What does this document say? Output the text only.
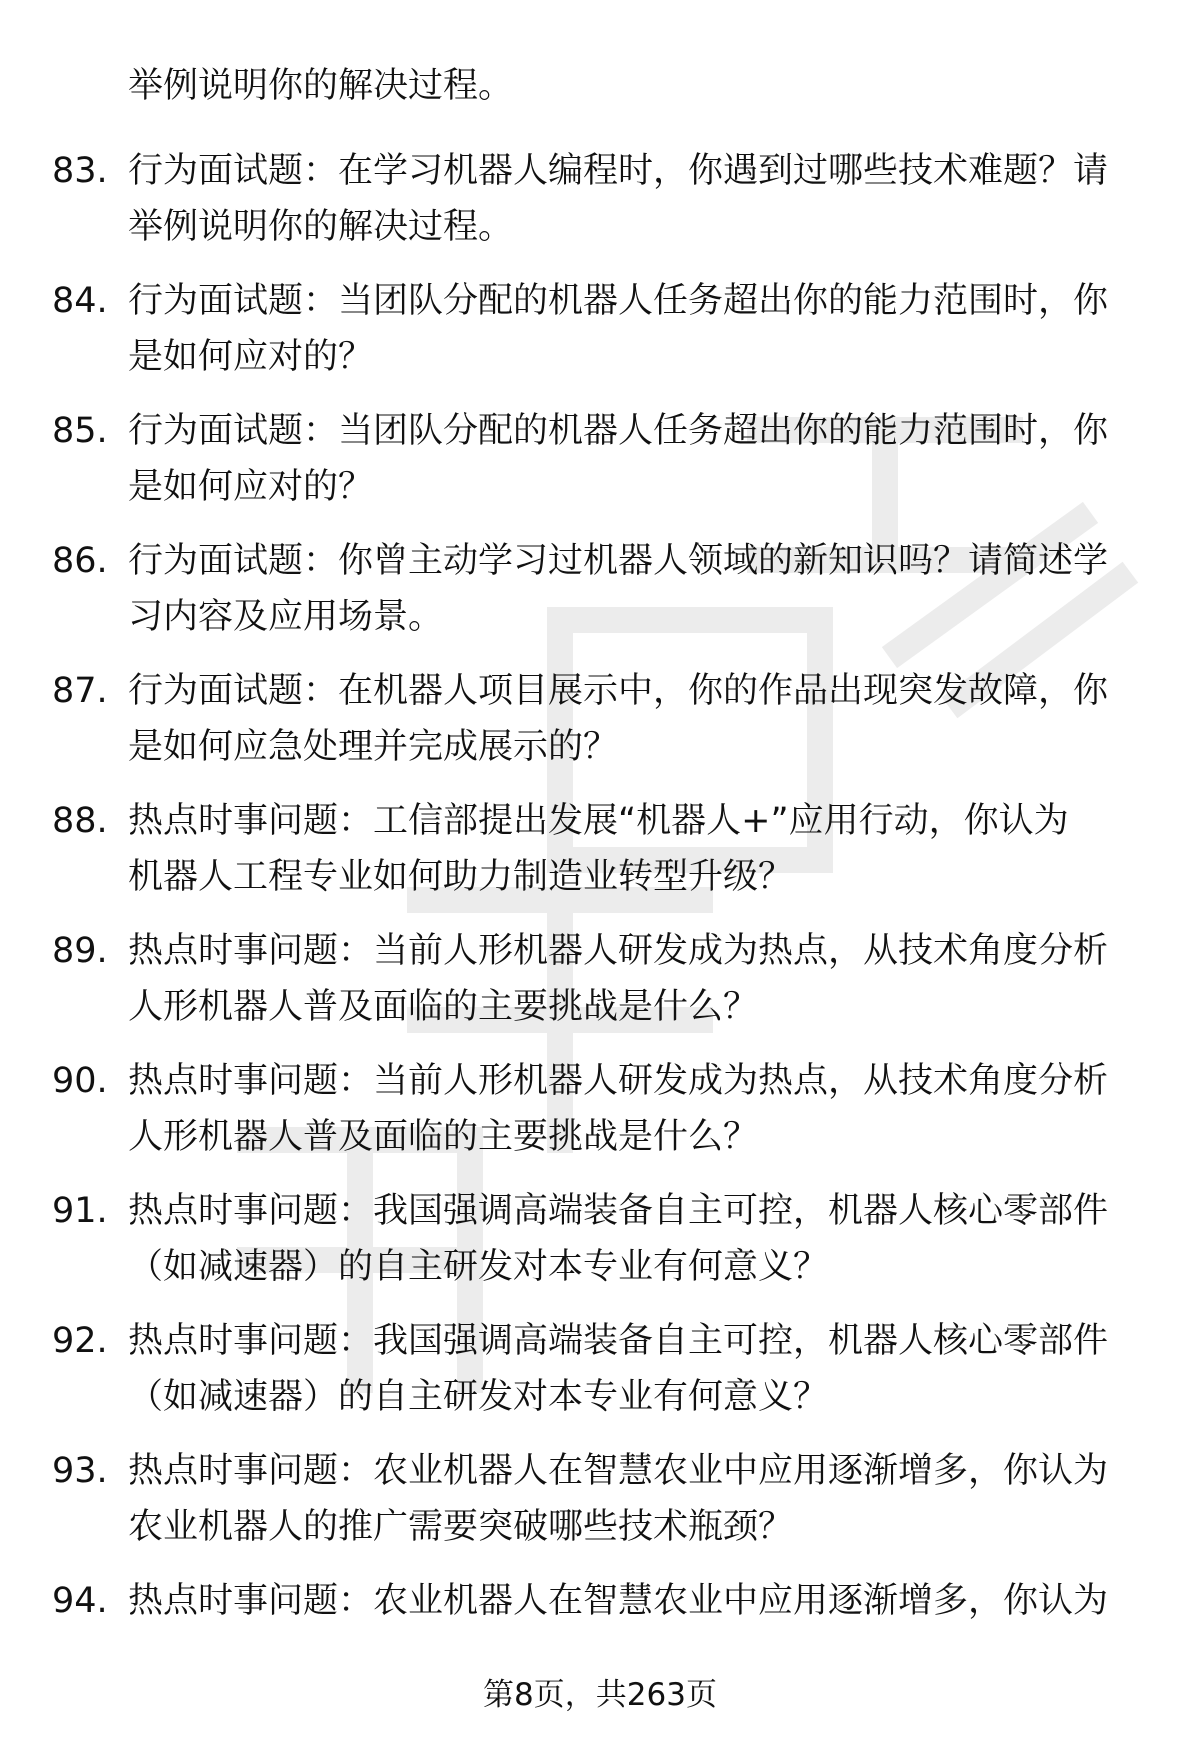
举例说明你的解决过程。
83. 行为面试题：在学习机器人编程时，你遇到过哪些技术难题？请
举例说明你的解决过程。
84. 行为面试题：当团队分配的机器人任务超出你的能力范围时，你
是如何应对的？
85. 行为面试题：当团队分配的机器人任务超出你的能力范围时，你
是如何应对的？
86. 行为面试题：你曾主动学习过机器人领域的新知识吗？请简述学
习内容及应用场景。
87. 行为面试题：在机器人项目展示中，你的作品出现突发故障，你
是如何应急处理并完成展示的？
88. 热点时事问题：工信部提出发展“机器人+”应用行动，你认为
机器人工程专业如何助力制造业转型升级？
89. 热点时事问题：当前人形机器人研发成为热点，从技术角度分析
人形机器人普及面临的主要挑战是什么？
90. 热点时事问题：当前人形机器人研发成为热点，从技术角度分析
人形机器人普及面临的主要挑战是什么？
91. 热点时事问题：我国强调高端装备自主可控，机器人核心零部件
（如减速器）的自主研发对本专业有何意义？
92. 热点时事问题：我国强调高端装备自主可控，机器人核心零部件
（如减速器）的自主研发对本专业有何意义？
93. 热点时事问题：农业机器人在智慧农业中应用逐渐增多，你认为
农业机器人的推广需要突破哪些技术瓶颈？
94. 热点时事问题：农业机器人在智慧农业中应用逐渐增多，你认为
第8页，共263页
